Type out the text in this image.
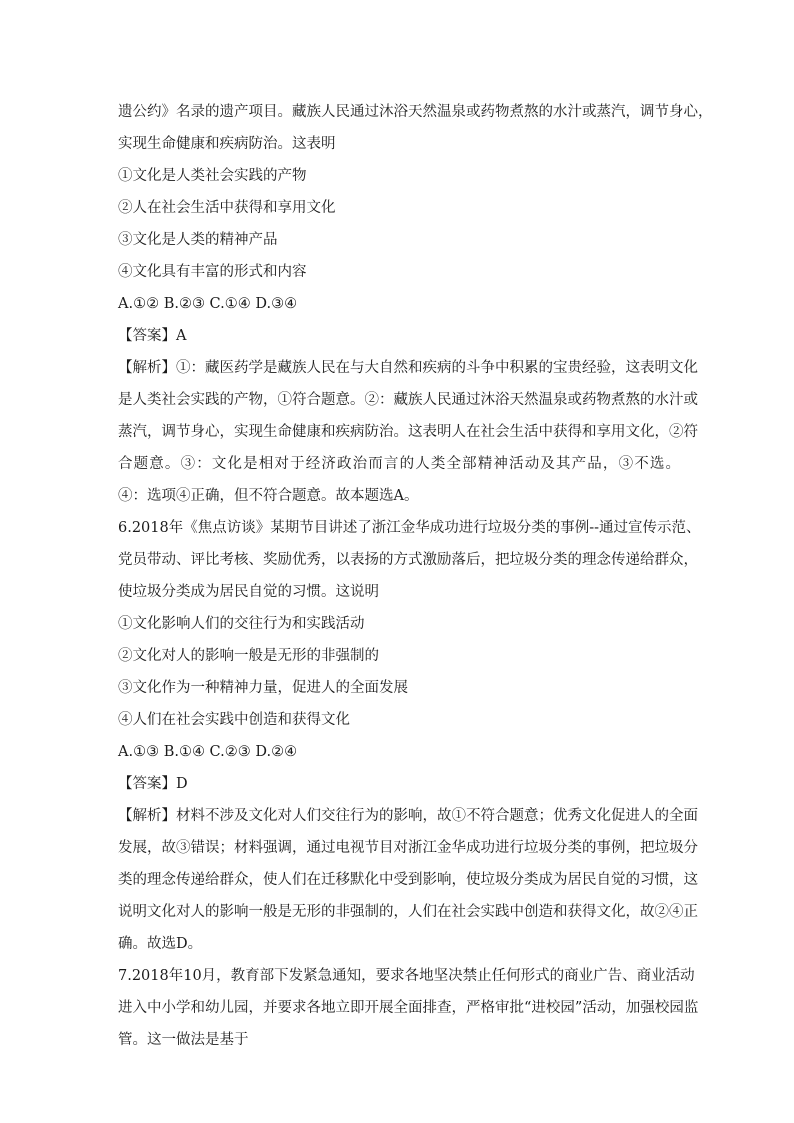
遗公约》名录的遗产项目。藏族人民通过沐浴天然温泉或药物煮熬的水汁或蒸汽，调节身心，
实现生命健康和疾病防治。这表明
①文化是人类社会实践的产物
②人在社会生活中获得和享用文化
③文化是人类的精神产品
④文化具有丰富的形式和内容
A.①② B.②③ C.①④ D.③④
【答案】A
【解析】①：藏医药学是藏族人民在与大自然和疾病的斗争中积累的宝贵经验，这表明文化
是人类社会实践的产物，①符合题意。②：藏族人民通过沐浴天然温泉或药物煮熬的水汁或
蒸汽，调节身心，实现生命健康和疾病防治。这表明人在社会生活中获得和享用文化，②符
合题意。③：文化是相对于经济政治而言的人类全部精神活动及其产品，③不选。
④：选项④正确，但不符合题意。故本题选A。
6.2018年《焦点访谈》某期节目讲述了浙江金华成功进行垃圾分类的事例--通过宣传示范、
党员带动、评比考核、奖励优秀，以表扬的方式激励落后，把垃圾分类的理念传递给群众，
使垃圾分类成为居民自觉的习惯。这说明
①文化影响人们的交往行为和实践活动
②文化对人的影响一般是无形的非强制的
③文化作为一种精神力量，促进人的全面发展
④人们在社会实践中创造和获得文化
A.①③ B.①④ C.②③ D.②④
【答案】D
【解析】材料不涉及文化对人们交往行为的影响，故①不符合题意；优秀文化促进人的全面
发展，故③错误；材料强调，通过电视节目对浙江金华成功进行垃圾分类的事例，把垃圾分
类的理念传递给群众，使人们在迁移默化中受到影响，使垃圾分类成为居民自觉的习惯，这
说明文化对人的影响一般是无形的非强制的，人们在社会实践中创造和获得文化，故②④正
确。故选D。
7.2018年10月，教育部下发紧急通知，要求各地坚决禁止任何形式的商业广告、商业活动
进入中小学和幼儿园，并要求各地立即开展全面排查，严格审批“进校园”活动，加强校园监
管。这一做法是基于
